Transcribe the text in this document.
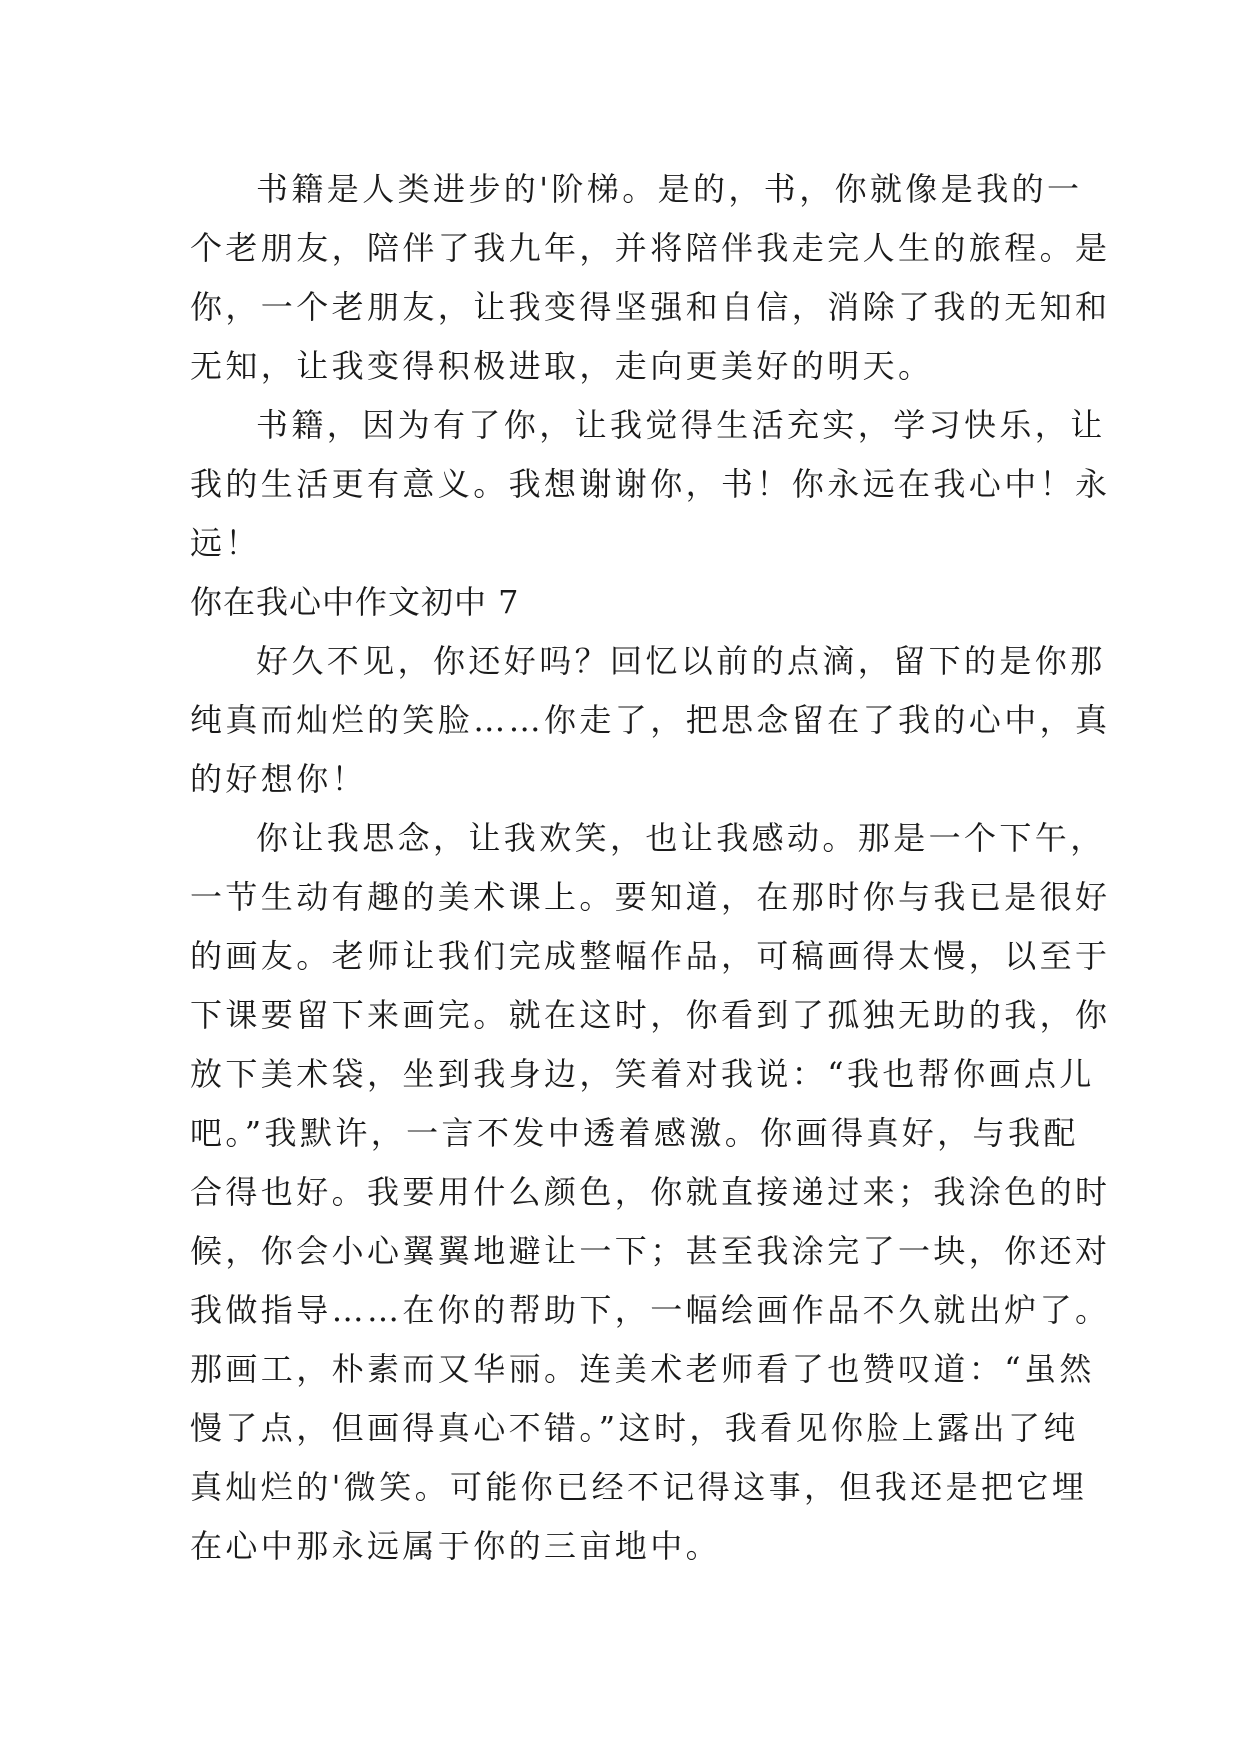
书籍是人类进步的'阶梯。是的，书，你就像是我的一
个老朋友，陪伴了我九年，并将陪伴我走完人生的旅程。是
你，一个老朋友，让我变得坚强和自信，消除了我的无知和
无知，让我变得积极进取，走向更美好的明天。
书籍，因为有了你，让我觉得生活充实，学习快乐，让
我的生活更有意义。我想谢谢你，书！你永远在我心中！永
远！
你在我心中作文初中 7
好久不见，你还好吗？回忆以前的点滴，留下的是你那
纯真而灿烂的笑脸……你走了，把思念留在了我的心中，真
的好想你！
你让我思念，让我欢笑，也让我感动。那是一个下午，
一节生动有趣的美术课上。要知道，在那时你与我已是很好
的画友。老师让我们完成整幅作品，可稿画得太慢，以至于
下课要留下来画完。就在这时，你看到了孤独无助的我，你
放下美术袋，坐到我身边，笑着对我说：“我也帮你画点儿
吧。”我默许，一言不发中透着感激。你画得真好，与我配
合得也好。我要用什么颜色，你就直接递过来；我涂色的时
候，你会小心翼翼地避让一下；甚至我涂完了一块，你还对
我做指导……在你的帮助下，一幅绘画作品不久就出炉了。
那画工，朴素而又华丽。连美术老师看了也赞叹道：“虽然
慢了点，但画得真心不错。”这时，我看见你脸上露出了纯
真灿烂的'微笑。可能你已经不记得这事，但我还是把它埋
在心中那永远属于你的三亩地中。
